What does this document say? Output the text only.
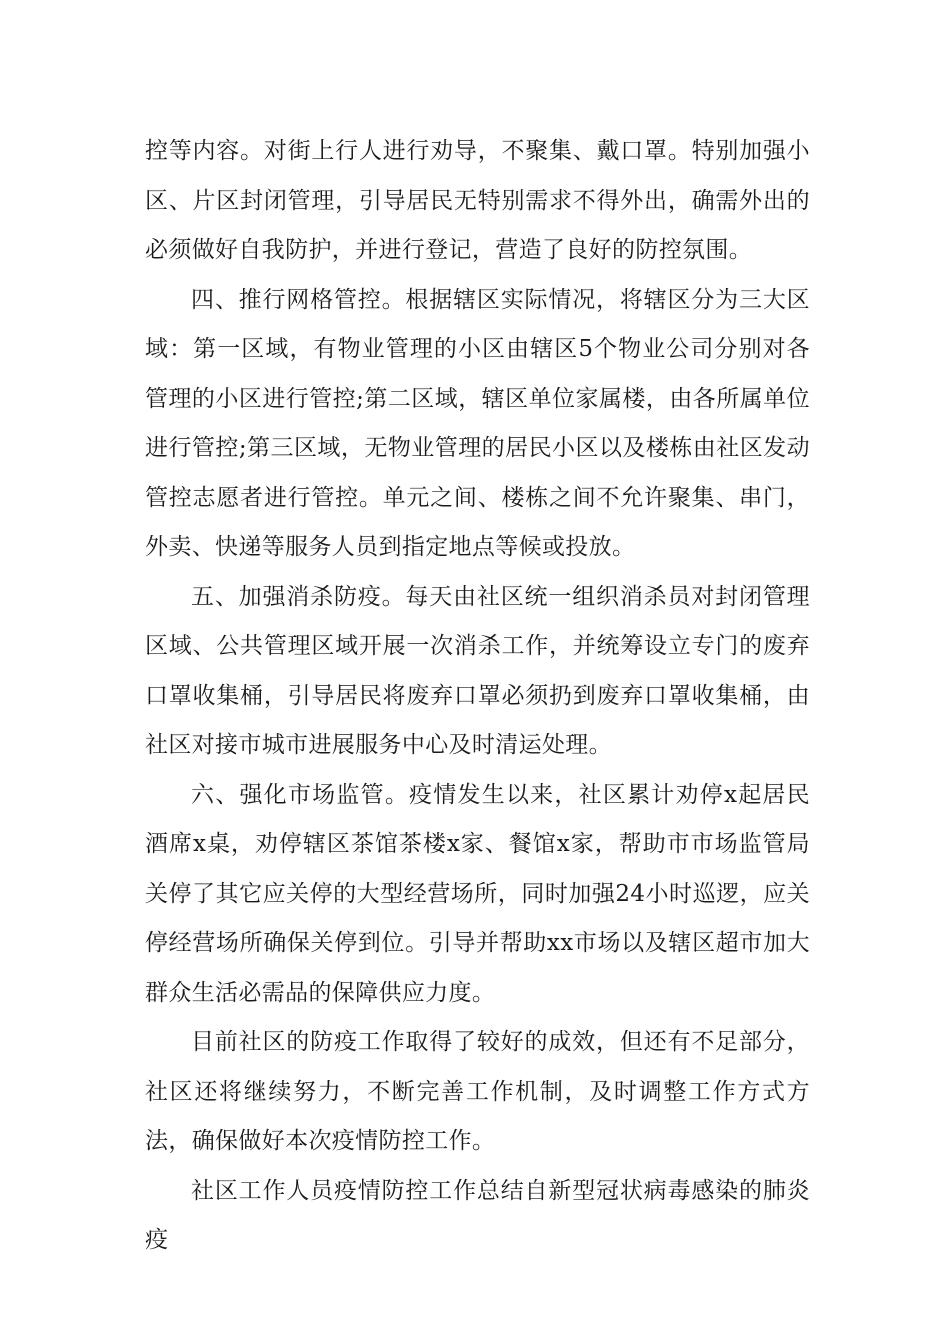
控等内容。对街上行人进行劝导，不聚集、戴口罩。特别加强小区、片区封闭管理，引导居民无特别需求不得外出，确需外出的必须做好自我防护，并进行登记，营造了良好的防控氛围。

四、推行网格管控。根据辖区实际情况，将辖区分为三大区域：第一区域，有物业管理的小区由辖区5个物业公司分别对各管理的小区进行管控;第二区域，辖区单位家属楼，由各所属单位进行管控;第三区域，无物业管理的居民小区以及楼栋由社区发动管控志愿者进行管控。单元之间、楼栋之间不允许聚集、串门，外卖、快递等服务人员到指定地点等候或投放。

五、加强消杀防疫。每天由社区统一组织消杀员对封闭管理区域、公共管理区域开展一次消杀工作，并统筹设立专门的废弃口罩收集桶，引导居民将废弃口罩必须扔到废弃口罩收集桶，由社区对接市城市进展服务中心及时清运处理。

六、强化市场监管。疫情发生以来，社区累计劝停x起居民酒席x桌，劝停辖区茶馆茶楼x家、餐馆x家，帮助市市场监管局关停了其它应关停的大型经营场所，同时加强24小时巡逻，应关停经营场所确保关停到位。引导并帮助xx市场以及辖区超市加大群众生活必需品的保障供应力度。

目前社区的防疫工作取得了较好的成效，但还有不足部分，社区还将继续努力，不断完善工作机制，及时调整工作方式方法，确保做好本次疫情防控工作。

社区工作人员疫情防控工作总结自新型冠状病毒感染的肺炎疫
